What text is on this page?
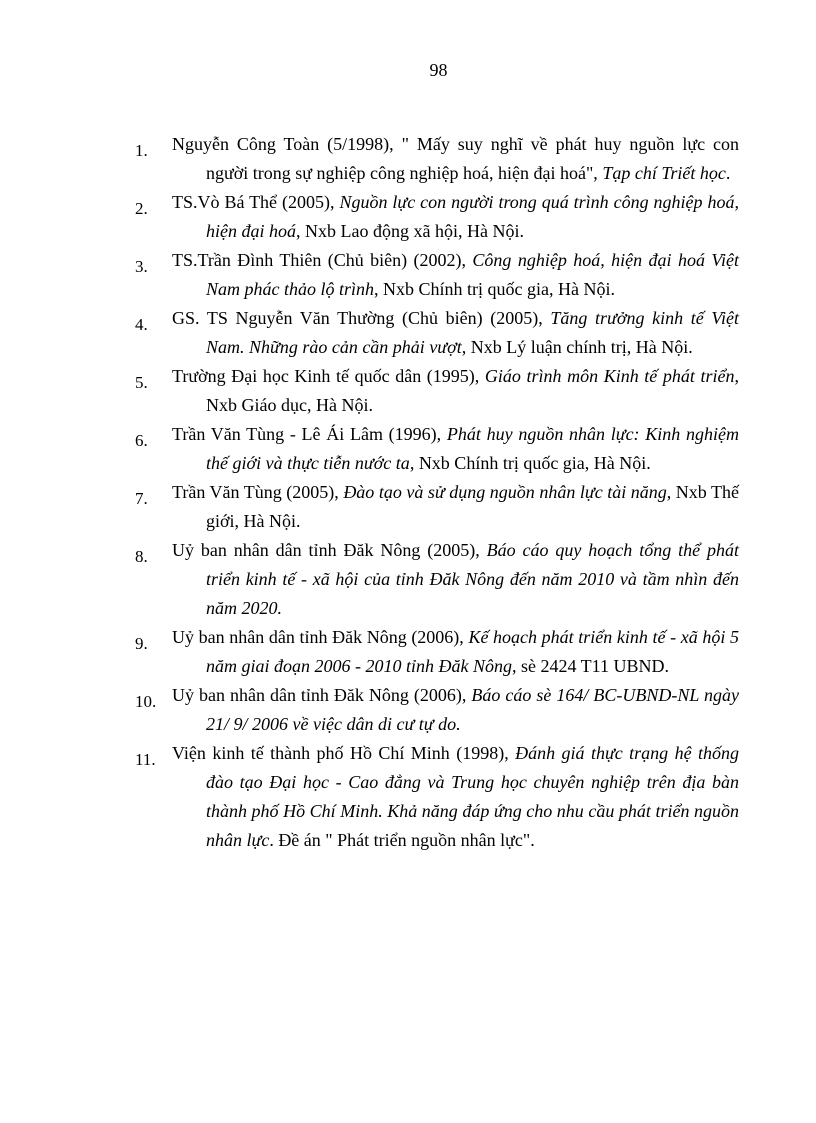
98
1. Nguyễn Công Toàn (5/1998), " Mấy suy nghĩ về phát huy nguồn lực con người trong sự nghiệp công nghiệp hoá, hiện đại hoá", Tạp chí Triết học.
2. TS.Vò Bá Thể (2005), Nguồn lực con người trong quá trình công nghiệp hoá, hiện đại hoá, Nxb Lao động xã hội, Hà Nội.
3. TS.Trần Đình Thiên (Chủ biên) (2002), Công nghiệp hoá, hiện đại hoá Việt Nam phác thảo lộ trình, Nxb Chính trị quốc gia, Hà Nội.
4. GS. TS Nguyễn Văn Thường (Chủ biên) (2005), Tăng trưởng kinh tế Việt Nam. Những rào cản cần phải vượt, Nxb Lý luận chính trị, Hà Nội.
5. Trường Đại học Kinh tế quốc dân (1995), Giáo trình môn Kinh tế phát triển, Nxb Giáo dục, Hà Nội.
6. Trần Văn Tùng - Lê Ái Lâm (1996), Phát huy nguồn nhân lực: Kinh nghiệm thế giới và thực tiễn nước ta, Nxb Chính trị quốc gia, Hà Nội.
7. Trần Văn Tùng (2005), Đào tạo và sử dụng nguồn nhân lực tài năng, Nxb Thế giới, Hà Nội.
8. Uỷ ban nhân dân tỉnh Đăk Nông (2005), Báo cáo quy hoạch tổng thể phát triển kinh tế - xã hội của tỉnh Đăk Nông đến năm 2010 và tầm nhìn đến năm 2020.
9. Uỷ ban nhân dân tỉnh Đăk Nông (2006), Kế hoạch phát triển kinh tế - xã hội 5 năm giai đoạn 2006 - 2010 tỉnh Đăk Nông, sè 2424 T11 UBND.
10. Uỷ ban nhân dân tỉnh Đăk Nông (2006), Báo cáo sè 164/ BC-UBND-NL ngày 21/ 9/ 2006 về việc dân di cư tự do.
11. Viện kinh tế thành phố Hồ Chí Minh (1998), Đánh giá thực trạng hệ thống đào tạo Đại học - Cao đẳng và Trung học chuyên nghiệp trên địa bàn thành phố Hồ Chí Minh. Khả năng đáp ứng cho nhu cầu phát triển nguồn nhân lực. Đề án " Phát triển nguồn nhân lực".
